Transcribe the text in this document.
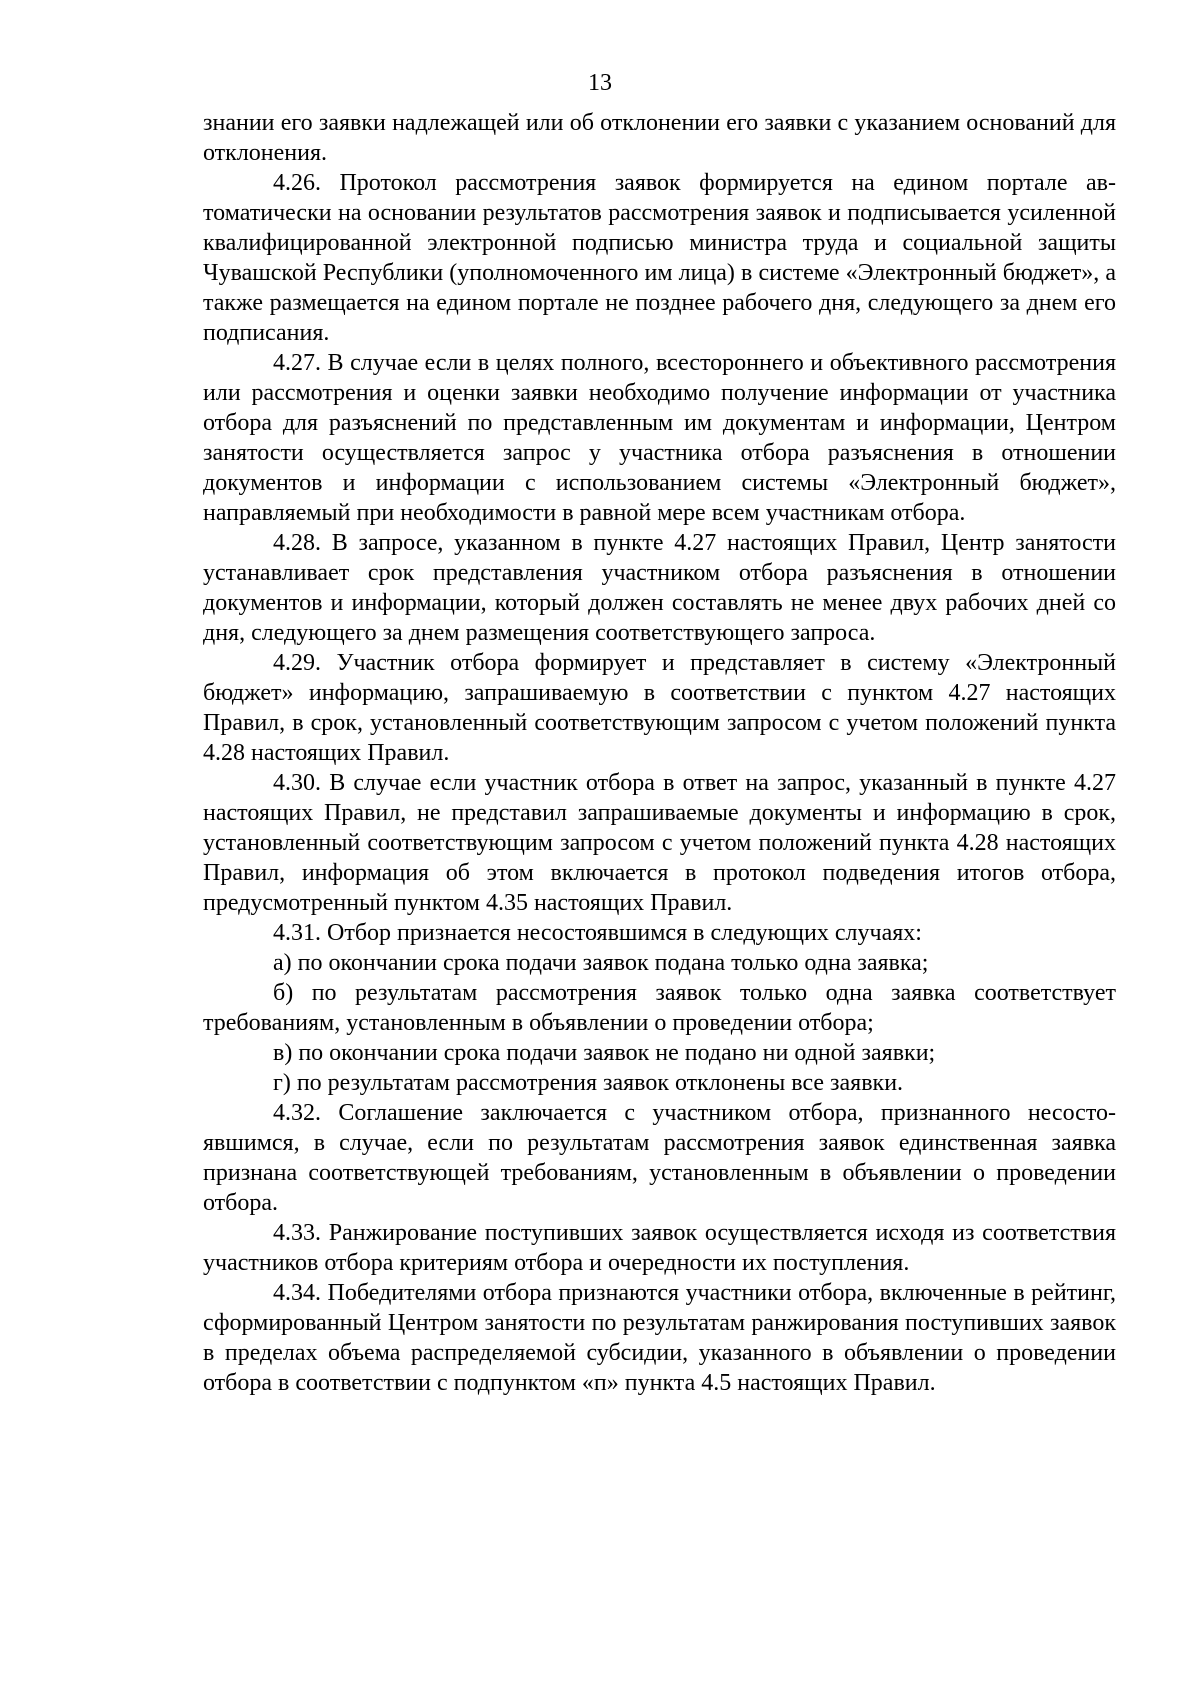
13

знании его заявки надлежащей или об отклонении его заявки с указанием оснований для отклонения.

4.26. Протокол рассмотрения заявок формируется на едином портале автоматически на основании результатов рассмотрения заявок и подписывается усиленной квалифицированной электронной подписью министра труда и социальной защиты Чувашской Республики (уполномоченного им лица) в системе «Электронный бюджет», а также размещается на едином портале не позднее рабочего дня, следующего за днем его подписания.

4.27. В случае если в целях полного, всестороннего и объективного рассмотрения или рассмотрения и оценки заявки необходимо получение информации от участника отбора для разъяснений по представленным им документам и информации, Центром занятости осуществляется запрос у участника отбора разъяснения в отношении документов и информации с использованием системы «Электронный бюджет», направляемый при необходимости в равной мере всем участникам отбора.

4.28. В запросе, указанном в пункте 4.27 настоящих Правил, Центр занятости устанавливает срок представления участником отбора разъяснения в отношении документов и информации, который должен составлять не менее двух рабочих дней со дня, следующего за днем размещения соответствующего запроса.

4.29. Участник отбора формирует и представляет в систему «Электронный бюджет» информацию, запрашиваемую в соответствии с пунктом 4.27 настоящих Правил, в срок, установленный соответствующим запросом с учетом положений пункта 4.28 настоящих Правил.

4.30. В случае если участник отбора в ответ на запрос, указанный в пункте 4.27 настоящих Правил, не представил запрашиваемые документы и информацию в срок, установленный соответствующим запросом с учетом положений пункта 4.28 настоящих Правил, информация об этом включается в протокол подведения итогов отбора, предусмотренный пунктом 4.35 настоящих Правил.

4.31. Отбор признается несостоявшимся в следующих случаях:

а) по окончании срока подачи заявок подана только одна заявка;

б) по результатам рассмотрения заявок только одна заявка соответствует требованиям, установленным в объявлении о проведении отбора;

в) по окончании срока подачи заявок не подано ни одной заявки;

г) по результатам рассмотрения заявок отклонены все заявки.

4.32. Соглашение заключается с участником отбора, признанного несостоявшимся, в случае, если по результатам рассмотрения заявок единственная заявка признана соответствующей требованиям, установленным в объявлении о проведении отбора.

4.33. Ранжирование поступивших заявок осуществляется исходя из соответствия участников отбора критериям отбора и очередности их поступления.

4.34. Победителями отбора признаются участники отбора, включенные в рейтинг, сформированный Центром занятости по результатам ранжирования поступивших заявок в пределах объема распределяемой субсидии, указанного в объявлении о проведении отбора в соответствии с подпунктом «п» пункта 4.5 настоящих Правил.
